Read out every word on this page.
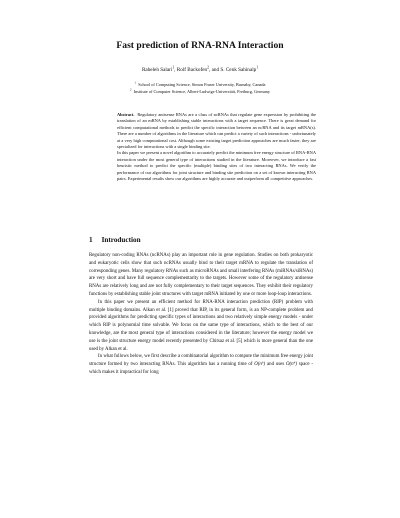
Fast prediction of RNA-RNA Interaction
Raheleh Salari$^1$, Rolf Backofen$^2$, and S. Cenk Sahinalp$^1$
$^1$ School of Computing Science, Simon Fraser University, Burnaby, Canada
$^2$ Institute of Computer Science, Albert-Ludwigs-Universität, Freiburg, Germany

Abstract. Regulatory antisense RNAs are a class of ncRNAs that regulate gene expression by prohibiting the translation of an mRNA by establishing stable interactions with a target sequence. There is great demand for efficient computational methods to predict the specific interaction between an ncRNA and its target mRNA(s). There are a number of algorithms in the literature which can predict a variety of such interactions - unfortunately at a very high computational cost. Although some existing target prediction approaches are much faster, they are specialized for interactions with a single binding site.

In this paper we present a novel algorithm to accurately predict the minimum free energy structure of RNA-RNA interaction under the most general type of interactions studied in the literature. Moreover, we introduce a fast heuristic method to predict the specific (multiple) binding sites of two interacting RNAs. We verify the performance of our algorithms for joint structure and binding site prediction on a set of known interacting RNA pairs. Experimental results show our algorithms are highly accurate and outperform all competitive approaches.

1 Introduction

Regulatory non-coding RNAs (ncRNAs) play an important role in gene regulation. Studies on both prokaryotic and eukaryotic cells show that such ncRNAs usually bind to their target mRNA to regulate the translation of corresponding genes. Many regulatory RNAs such as microRNAs and small interfering RNAs (miRNAs/siRNAs) are very short and have full sequence complementarity to the targets. However some of the regulatory antisense RNAs are relatively long and are not fully complementary to their target sequences. They exhibit their regulatory functions by establishing stable joint structures with target mRNA initiated by one or more loop-loop interactions.

In this paper we present an efficient method for RNA-RNA interaction prediction (RIP) problem with multiple binding domains. Alkan et al. [1] proved that RIP, in its general form, is an NP-complete problem and provided algorithms for predicting specific types of interactions and two relatively simple energy models - under which RIP is polynomial time solvable. We focus on the same type of interactions, which to the best of our knowledge, are the most general type of interactions considered in the literature; however the energy model we use is the joint structure energy model recently presented by Chitsaz et al. [5] which is more general than the one used by Alkan et al.

In what follows below, we first describe a combinatorial algorithm to compute the minimum free energy joint structure formed by two interacting RNAs. This algorithm has a running time of O(n⁶) and uses O(n⁴) space - which makes it impractical for long
